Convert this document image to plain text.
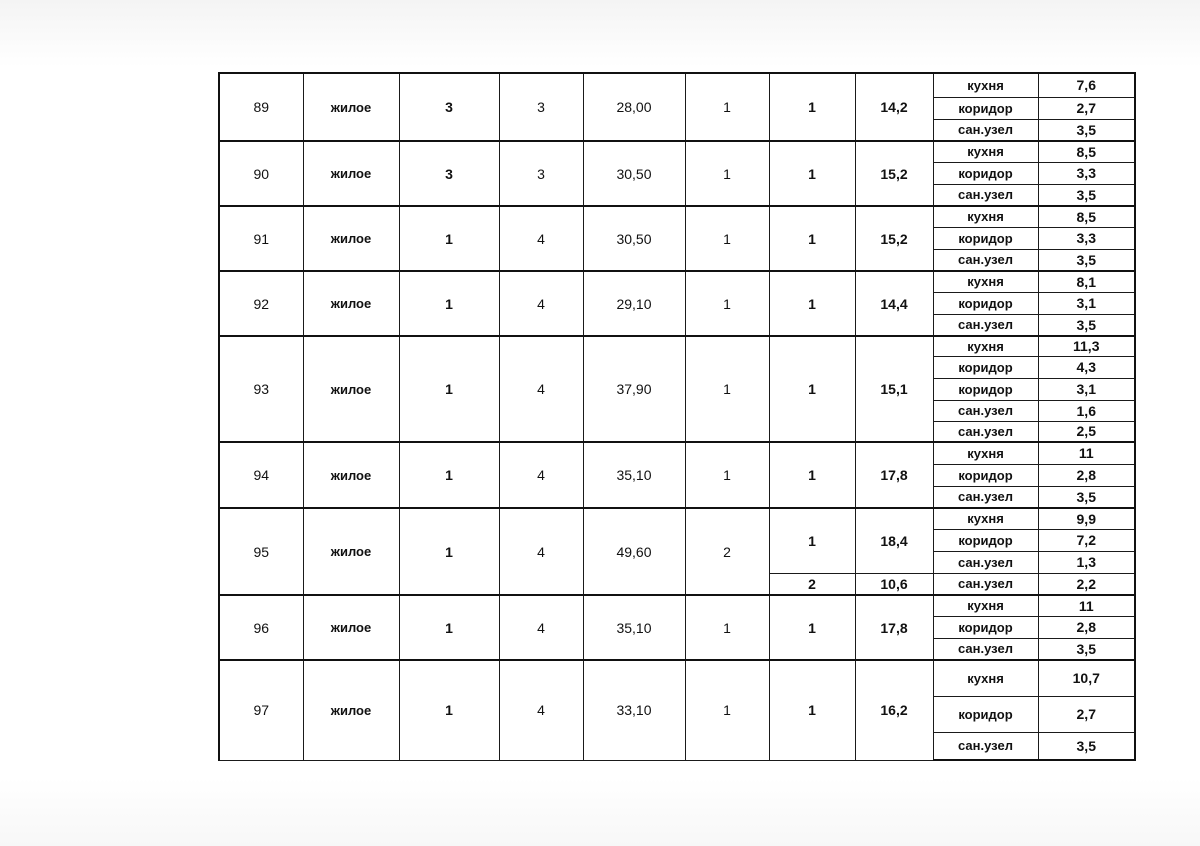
89	жилое	3	3	28,00	1	1	14,2	кухня	7,6
								коридор	2,7
								сан.узел	3,5
90	жилое	3	3	30,50	1	1	15,2	кухня	8,5
								коридор	3,3
								сан.узел	3,5
91	жилое	1	4	30,50	1	1	15,2	кухня	8,5
								коридор	3,3
								сан.узел	3,5
92	жилое	1	4	29,10	1	1	14,4	кухня	8,1
								коридор	3,1
								сан.узел	3,5
93	жилое	1	4	37,90	1	1	15,1	кухня	11,3
								коридор	4,3
								коридор	3,1
								сан.узел	1,6
								сан.узел	2,5
94	жилое	1	4	35,10	1	1	17,8	кухня	11
								коридор	2,8
								сан.узел	3,5
95	жилое	1	4	49,60	2	1	18,4	кухня	9,9
								коридор	7,2
								сан.узел	1,3
						2	10,6	сан.узел	2,2
96	жилое	1	4	35,10	1	1	17,8	кухня	11
								коридор	2,8
								сан.узел	3,5
97	жилое	1	4	33,10	1	1	16,2	кухня	10,7
								коридор	2,7
								сан.узел	3,5
